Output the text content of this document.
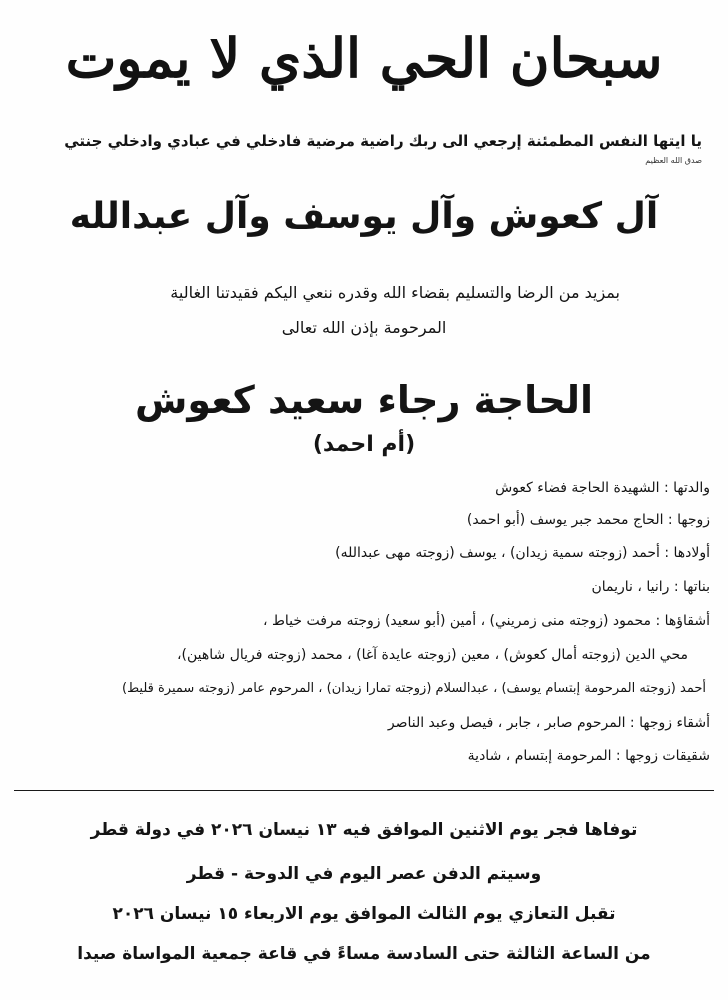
سبحان الحي الذي لا يموت
يا ايتها النفس المطمئنة إرجعي الى ربك راضية مرضية فادخلي في عبادي وادخلي جنتي
صدق الله العظيم
آل كعوش وآل يوسف وآل عبدالله
بمزيد من الرضا والتسليم بقضاء الله وقدره ننعي اليكم فقيدتنا الغالية
المرحومة بإذن الله تعالى
الحاجة رجاء سعيد كعوش
(أم احمد)
والدتها : الشهيدة الحاجة فضاء كعوش
زوجها : الحاج محمد جبر يوسف (أبو احمد)
أولادها : أحمد (زوجته سمية زيدان) ، يوسف (زوجته مهى عبدالله)
بناتها : رانيا ، ناريمان
أشقاؤها : محمود (زوجته منى زمريني) ، أمين (أبو سعيد) زوجته مرفت خياط ،
محي الدين (زوجته أمال كعوش) ، معين (زوجته عايدة آغا) ، محمد (زوجته فريال شاهين)،
أحمد (زوجته المرحومة إبتسام يوسف) ، عبدالسلام (زوجته تمارا زيدان) ، المرحوم عامر (زوجته سميرة قليط)
أشقاء زوجها : المرحوم صابر ، جابر ، فيصل وعبد الناصر
شقيقات زوجها : المرحومة إبتسام ، شادية
توفاها فجر يوم الاثنين الموافق فيه ١٣ نيسان ٢٠٢٦ في دولة قطر
وسيتم الدفن عصر اليوم في الدوحة - قطر
تقبل التعازي يوم الثالث الموافق يوم الاربعاء ١٥ نيسان ٢٠٢٦
من الساعة الثالثة حتى السادسة مساءً في قاعة جمعية المواساة صيدا
